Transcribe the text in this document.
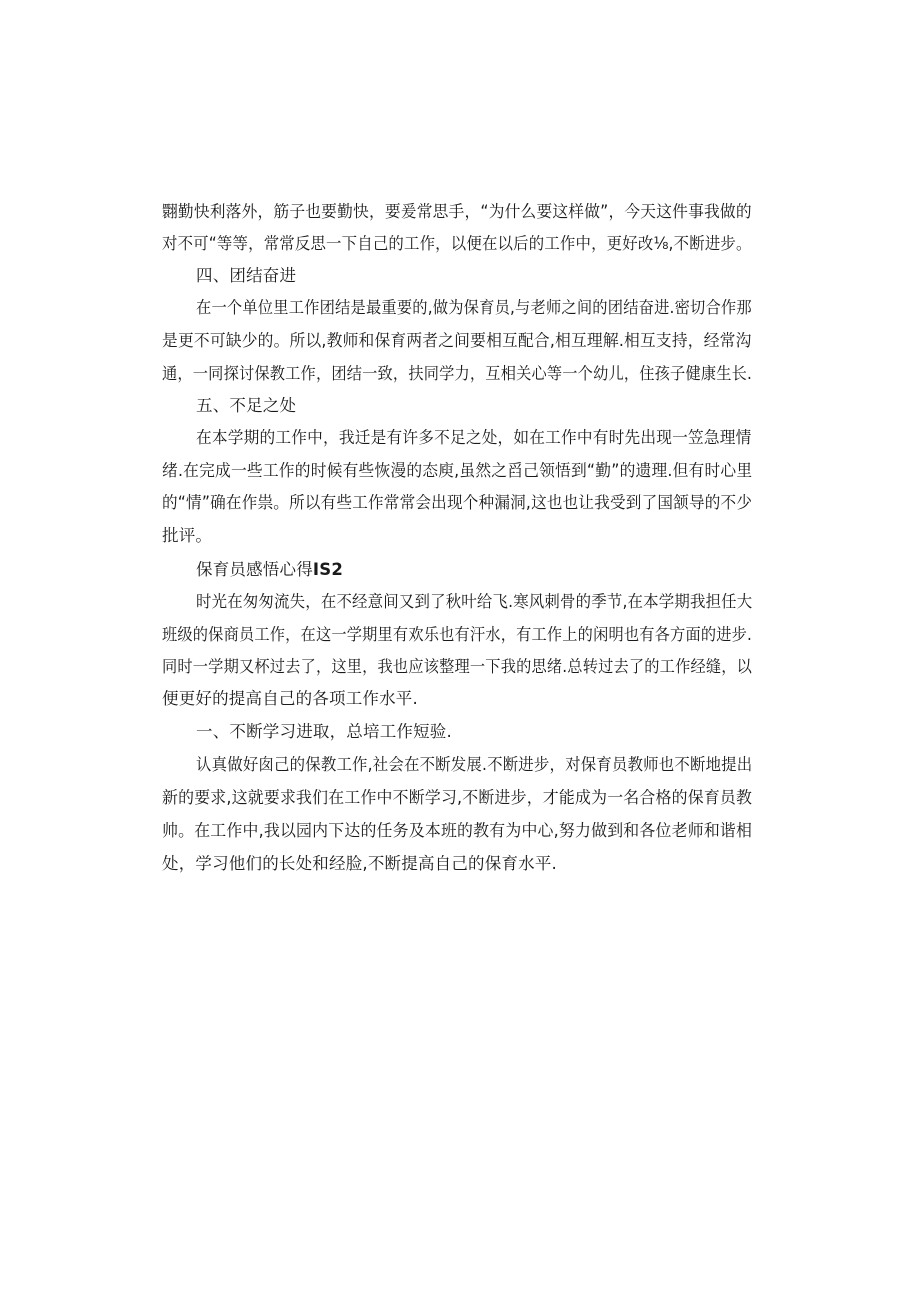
翾勤快利落外，筋子也要勤快，要爰常思手，“为什么要这样做”，今天这件事我做的

对不可“等等，常常反思一下自己的工作，以便在以后的工作中，更好改⅛,不断进步。

四、团结奋进

在一个单位里工作团结是最重要的,做为保育员,与老师之间的团结奋进.密切合作那

是更不可缺少的。所以,教师和保育两者之间要相互配合,相互理解.相互支持，经常沟

通，一同探讨保教工作，团结一致，扶同学力，互相关心等一个幼儿，住孩子健康生长.

五、不足之处

在本学期的工作中，我迁是有许多不足之处，如在工作中有时先出现一笠急理情

绪.在完成一些工作的时候有些恢漫的态庾,虽然之舀己领悟到“勤”的遗理.但有时心里

的“情”确在作祟。所以有些工作常常会出现个种漏洞,这也也让我受到了国颔导的不少

批评。

保育员感悟心得IS2

时光在匆匆流失，在不经意间又到了秋叶给飞.寒风刺骨的季节,在本学期我担任大

班级的保商员工作，在这一学期里有欢乐也有汗水，有工作上的闲明也有各方面的进步.

同时一学期又杯过去了，这里，我也应该整理一下我的思绪.总转过去了的工作经缝，以

便更好的提高自己的各项工作水平.

一、不断学习进取，总培工作短验.

认真做好囱己的保教工作,社会在不断发展.不断进步，对保育员教师也不断地提出

新的要求,这就要求我们在工作中不断学习,不断进步，才能成为一名合格的保育员教

帅。在工作中,我以园内下达的任务及本班的教有为中心,努力做到和各位老师和谐相

处，学习他们的长处和经脸,不断提高自己的保育水平.
